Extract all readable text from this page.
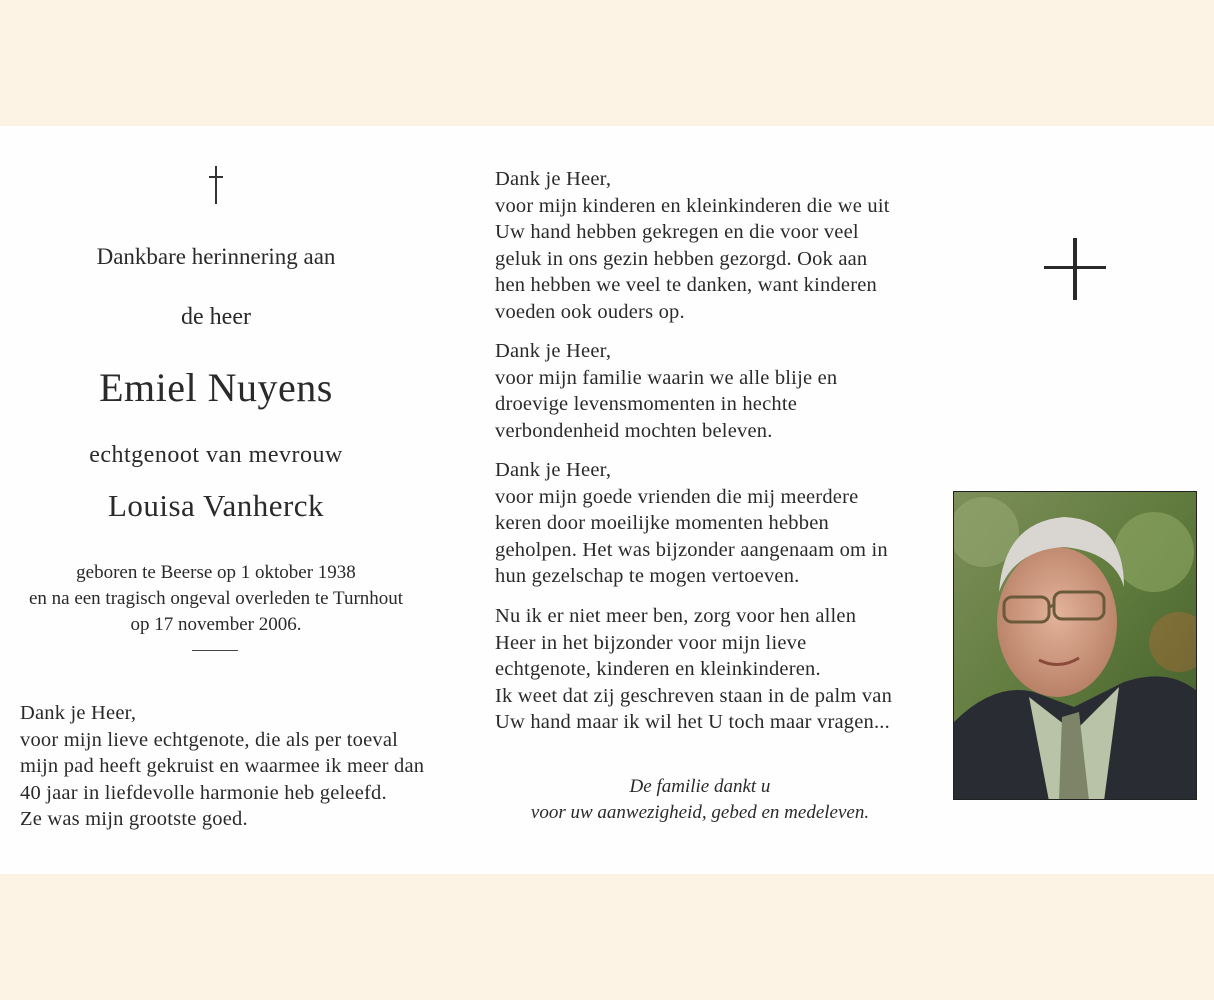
Dankbare herinnering aan
de heer
Emiel Nuyens
echtgenoot van mevrouw
Louisa Vanherck
geboren te Beerse op 1 oktober 1938
en na een tragisch ongeval overleden te Turnhout
op 17 november 2006.
Dank je Heer,
voor mijn lieve echtgenote, die als per toeval
mijn pad heeft gekruist en waarmee ik meer dan
40 jaar in liefdevolle harmonie heb geleefd.
Ze was mijn grootste goed.
Dank je Heer,
voor mijn kinderen en kleinkinderen die we uit
Uw hand hebben gekregen en die voor veel
geluk in ons gezin hebben gezorgd. Ook aan
hen hebben we veel te danken, want kinderen
voeden ook ouders op.
Dank je Heer,
voor mijn familie waarin we alle blije en
droevige levensmomenten in hechte
verbondenheid mochten beleven.
Dank je Heer,
voor mijn goede vrienden die mij meerdere
keren door moeilijke momenten hebben
geholpen. Het was bijzonder aangenaam om in
hun gezelschap te mogen vertoeven.
Nu ik er niet meer ben, zorg voor hen allen
Heer in het bijzonder voor mijn lieve
echtgenote, kinderen en kleinkinderen.
Ik weet dat zij geschreven staan in de palm van
Uw hand maar ik wil het U toch maar vragen...
De familie dankt u
voor uw aanwezigheid, gebed en medeleven.
